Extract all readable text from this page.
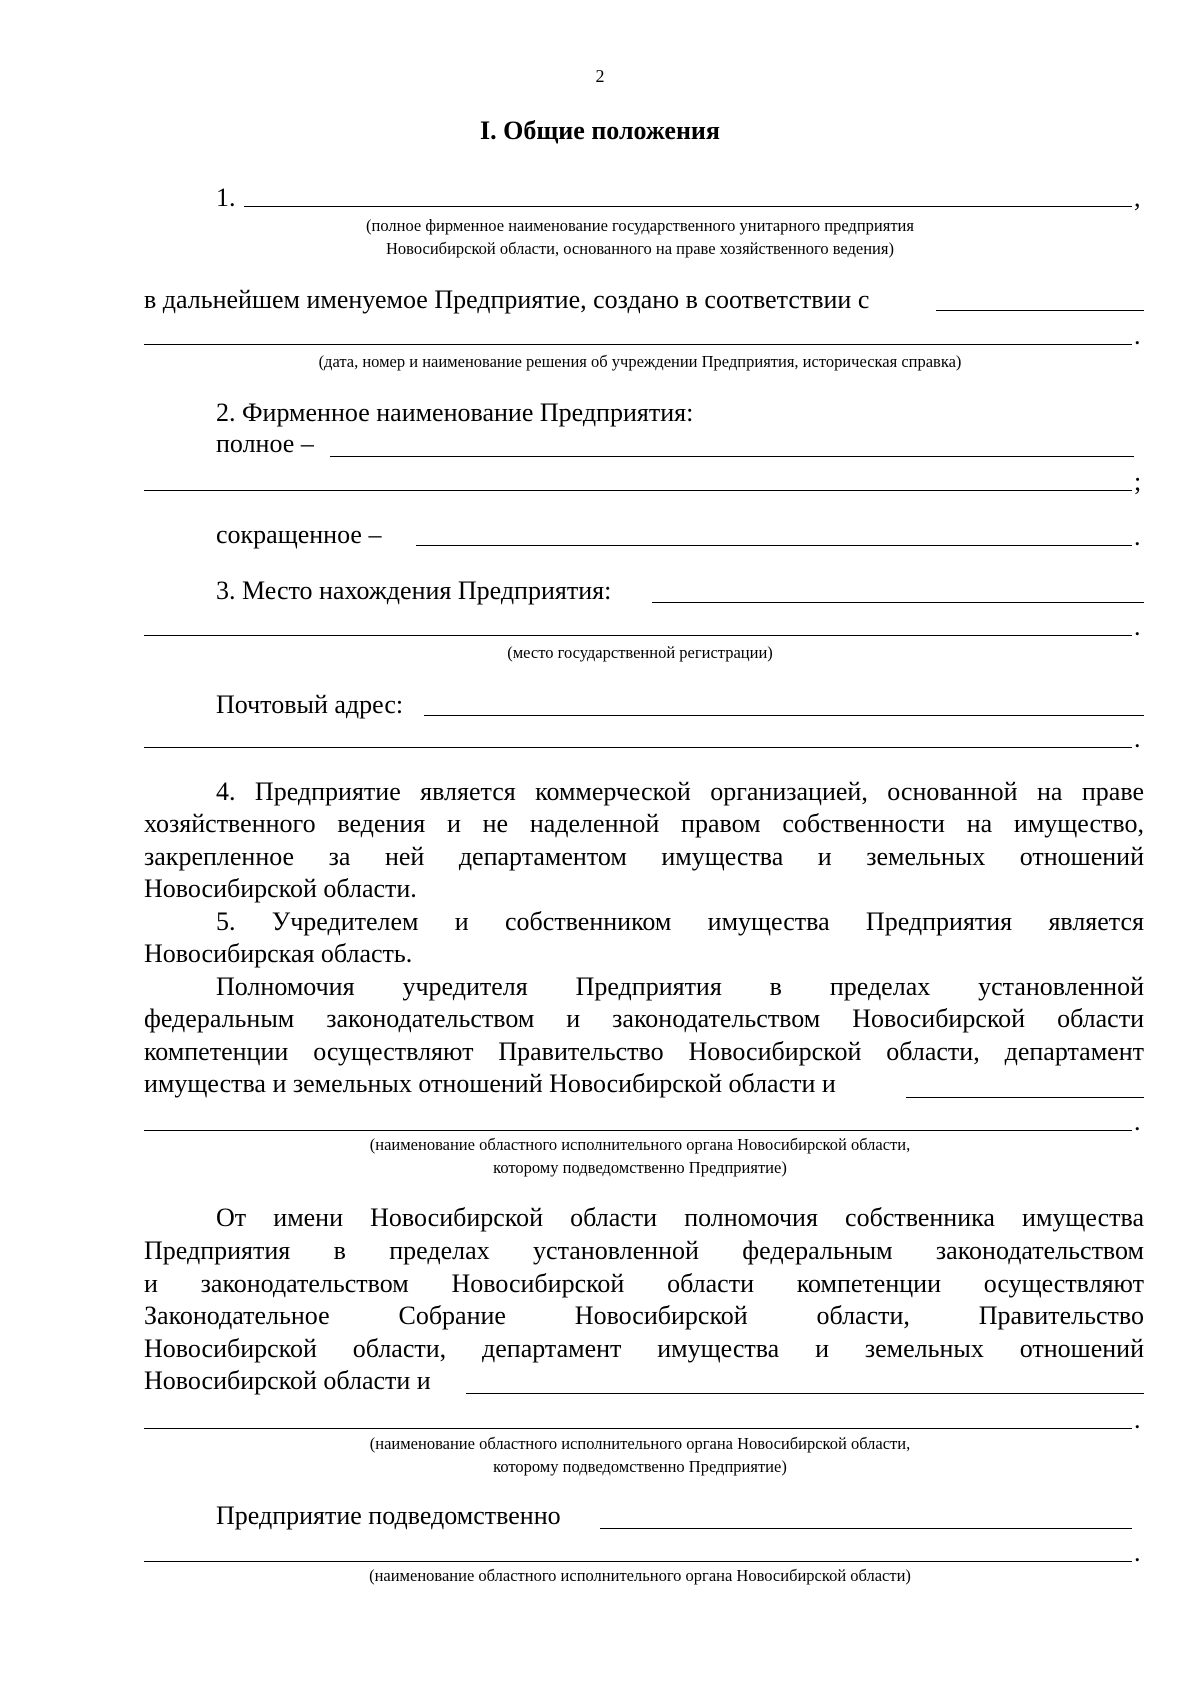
2
I. Общие положения
1.	,
(полное фирменное наименование государственного унитарного предприятия
Новосибирской области, основанного на праве хозяйственного ведения)
в дальнейшем именуемое Предприятие, создано в соответствии с
.
(дата, номер и наименование решения об учреждении Предприятия, историческая справка)
2. Фирменное наименование Предприятия:
полное –
;
сокращенное –	.
3. Место нахождения Предприятия:
.
(место государственной регистрации)
Почтовый адрес:
.
4. Предприятие является коммерческой организацией, основанной на праве
хозяйственного ведения и не наделенной правом собственности на имущество,
закрепленное за ней департаментом имущества и земельных отношений
Новосибирской области.
5. Учредителем и собственником имущества Предприятия является
Новосибирская область.
Полномочия учредителя Предприятия в пределах установленной
федеральным законодательством и законодательством Новосибирской области
компетенции осуществляют Правительство Новосибирской области, департамент
имущества и земельных отношений Новосибирской области и
.
(наименование областного исполнительного органа Новосибирской области,
которому подведомственно Предприятие)
От имени Новосибирской области полномочия собственника имущества
Предприятия в пределах установленной федеральным законодательством
и законодательством Новосибирской области компетенции осуществляют
Законодательное Собрание Новосибирской области, Правительство
Новосибирской области, департамент имущества и земельных отношений
Новосибирской области и
.
(наименование областного исполнительного органа Новосибирской области,
которому подведомственно Предприятие)
Предприятие подведомственно
.
(наименование областного исполнительного органа Новосибирской области)
